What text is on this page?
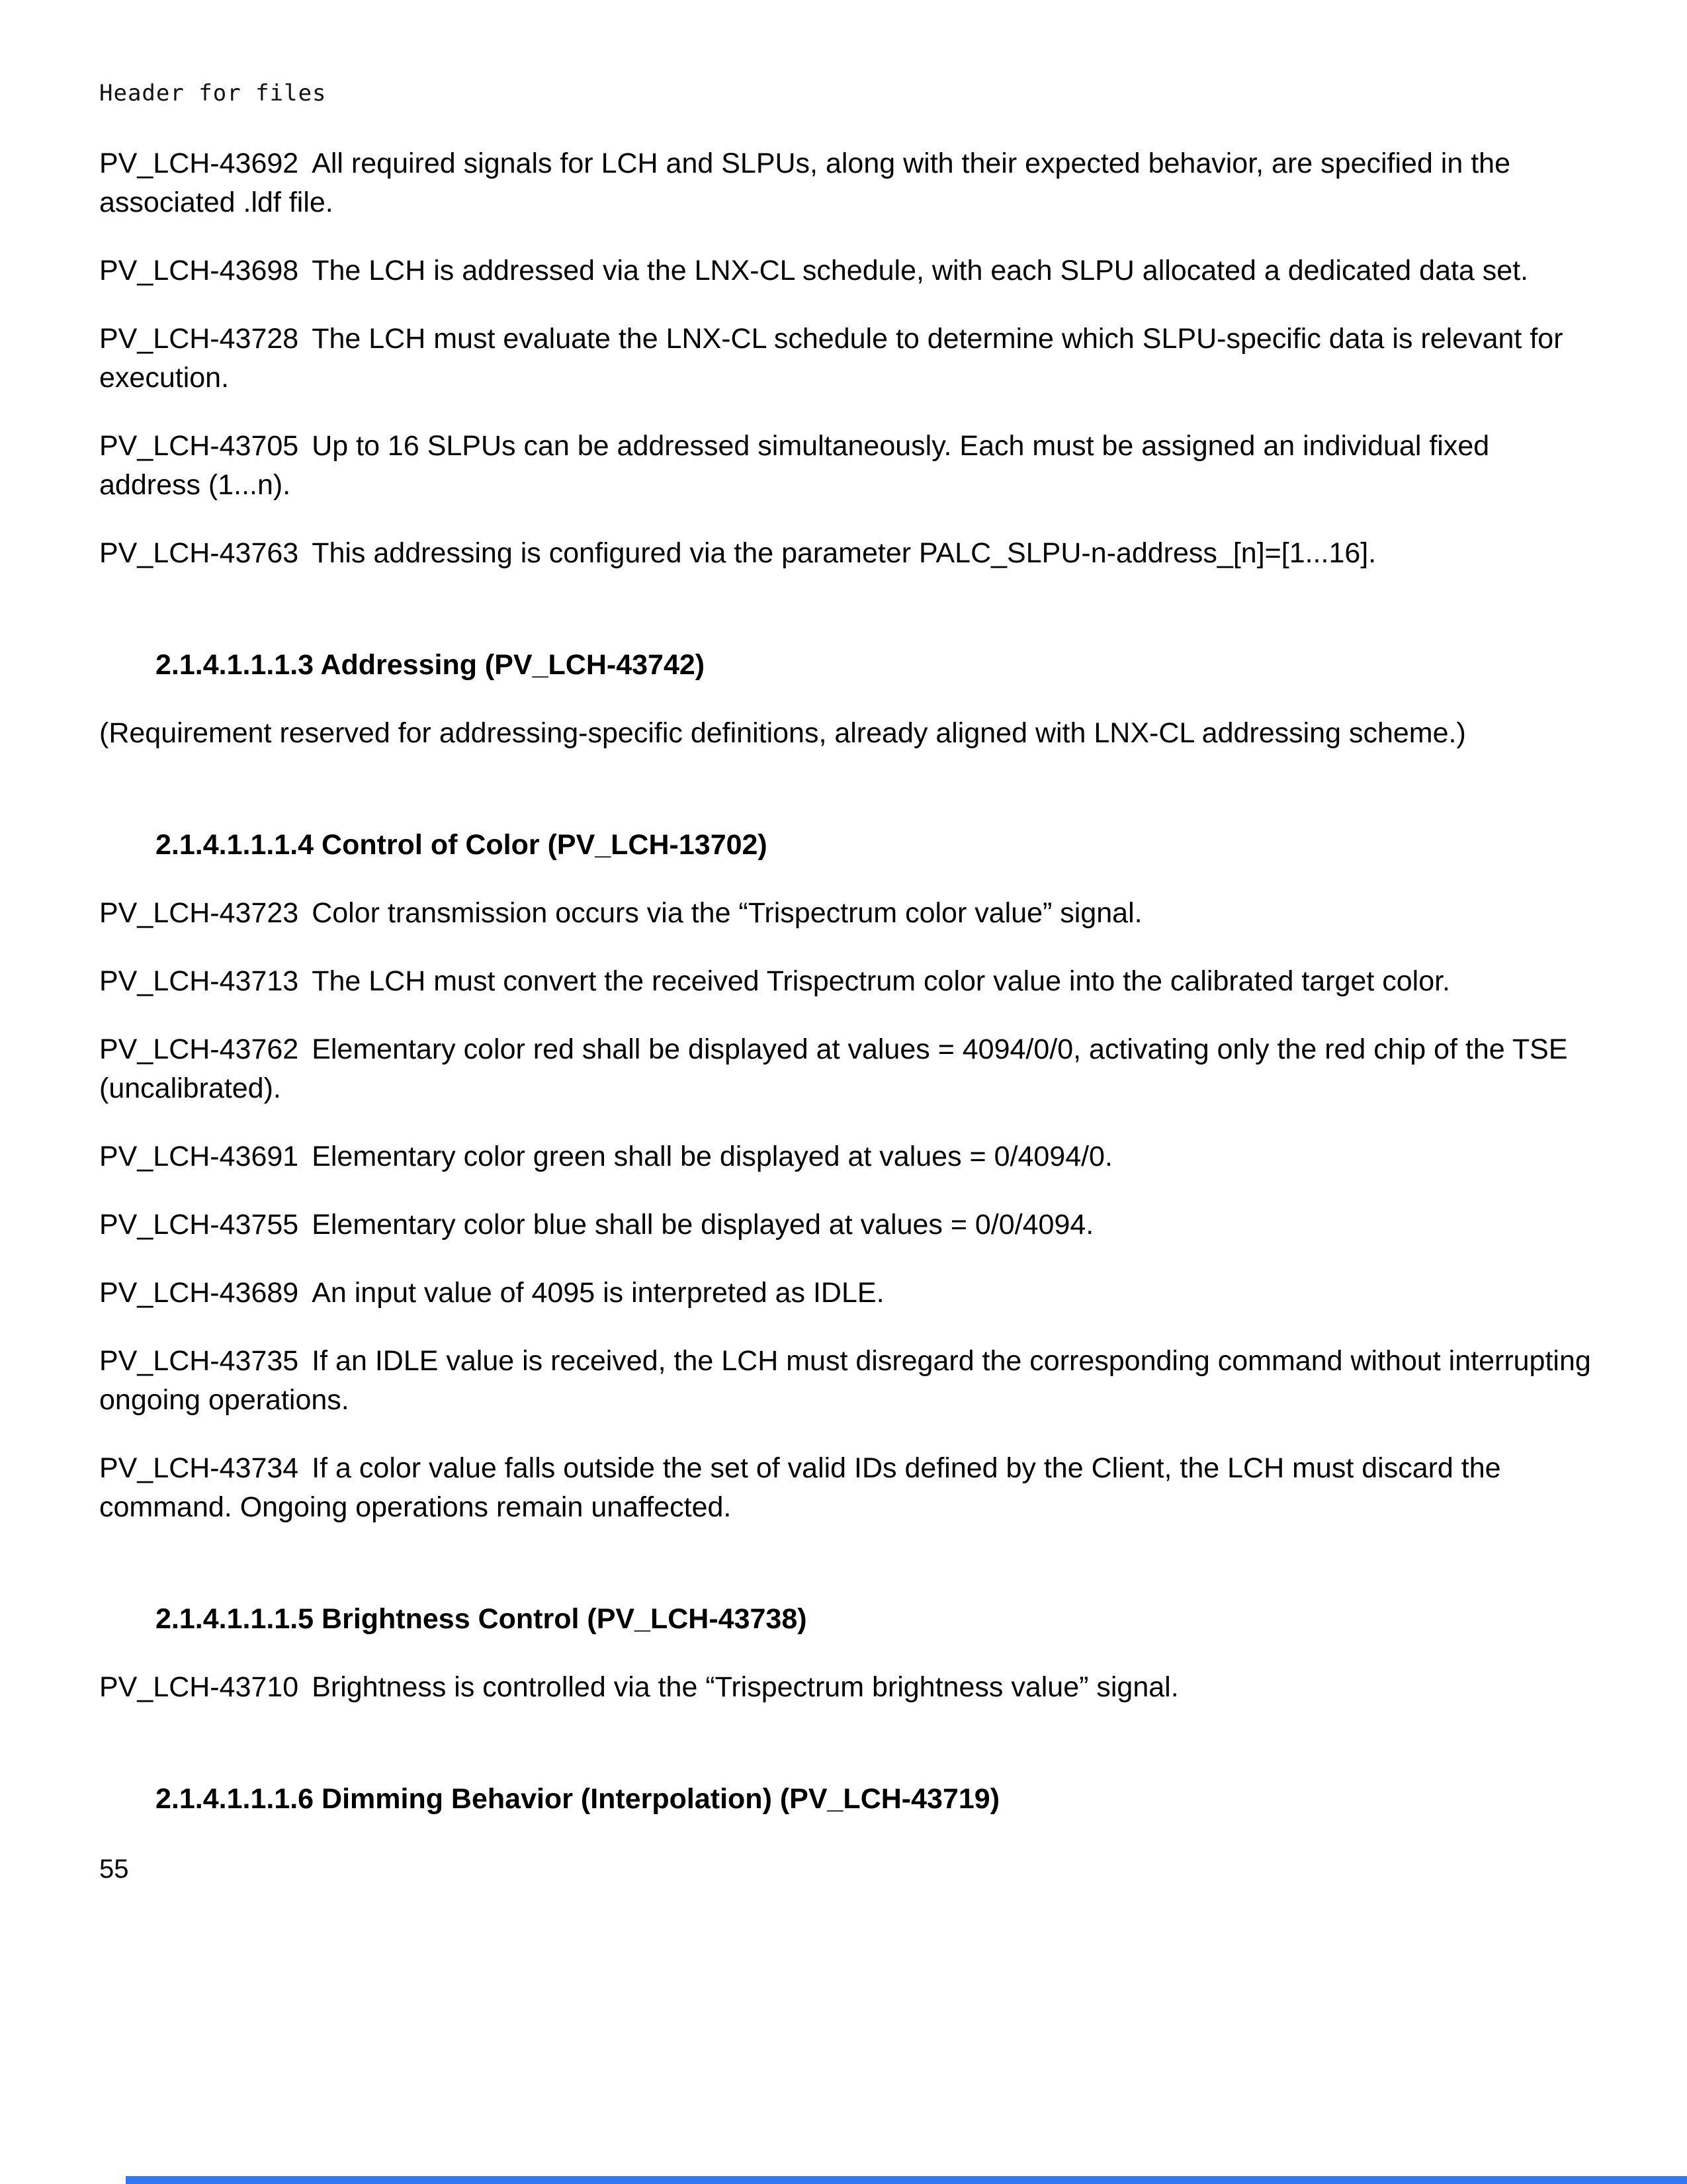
Header for files

PV_LCH-43692 All required signals for LCH and SLPUs, along with their expected behavior, are specified in the associated .ldf file.

PV_LCH-43698 The LCH is addressed via the LNX-CL schedule, with each SLPU allocated a dedicated data set.

PV_LCH-43728 The LCH must evaluate the LNX-CL schedule to determine which SLPU-specific data is relevant for execution.

PV_LCH-43705 Up to 16 SLPUs can be addressed simultaneously. Each must be assigned an individual fixed address (1...n).

PV_LCH-43763 This addressing is configured via the parameter PALC_SLPU-n-address_[n]=[1...16].

2.1.4.1.1.1.3 Addressing (PV_LCH-43742)

(Requirement reserved for addressing-specific definitions, already aligned with LNX-CL addressing scheme.)

2.1.4.1.1.1.4 Control of Color (PV_LCH-13702)

PV_LCH-43723 Color transmission occurs via the “Trispectrum color value” signal.

PV_LCH-43713 The LCH must convert the received Trispectrum color value into the calibrated target color.

PV_LCH-43762 Elementary color red shall be displayed at values = 4094/0/0, activating only the red chip of the TSE (uncalibrated).

PV_LCH-43691 Elementary color green shall be displayed at values = 0/4094/0.

PV_LCH-43755 Elementary color blue shall be displayed at values = 0/0/4094.

PV_LCH-43689 An input value of 4095 is interpreted as IDLE.

PV_LCH-43735 If an IDLE value is received, the LCH must disregard the corresponding command without interrupting ongoing operations.

PV_LCH-43734 If a color value falls outside the set of valid IDs defined by the Client, the LCH must discard the command. Ongoing operations remain unaffected.

2.1.4.1.1.1.5 Brightness Control (PV_LCH-43738)

PV_LCH-43710 Brightness is controlled via the “Trispectrum brightness value” signal.

2.1.4.1.1.1.6 Dimming Behavior (Interpolation) (PV_LCH-43719)
55
